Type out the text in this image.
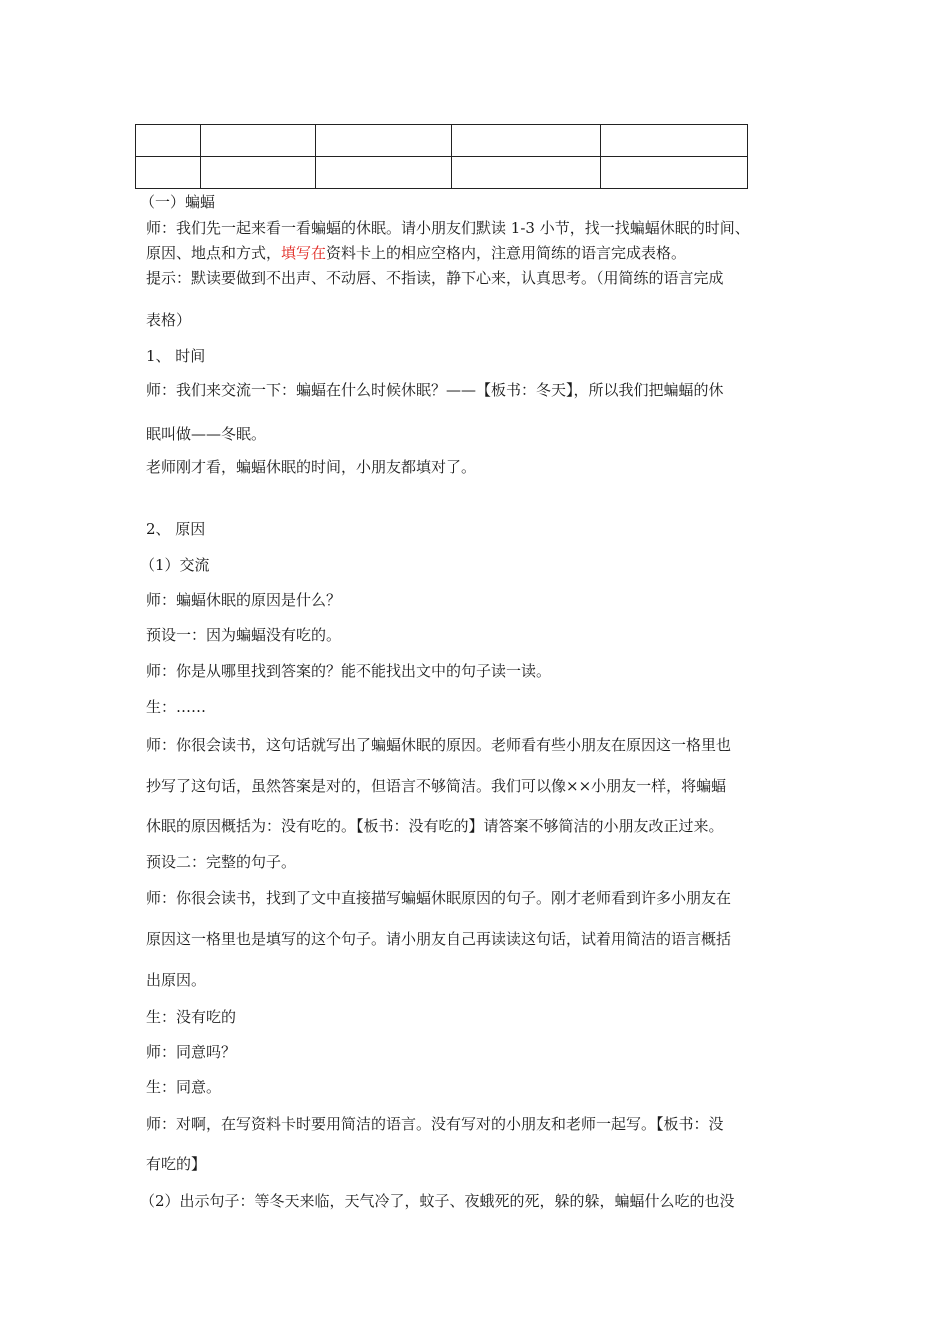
（一）蝙蝠
师：我们先一起来看一看蝙蝠的休眠。请小朋友们默读 1-3 小节，找一找蝙蝠休眠的时间、
原因、地点和方式，填写在资料卡上的相应空格内，注意用简练的语言完成表格。
提示：默读要做到不出声、不动唇、不指读，静下心来，认真思考。（用简练的语言完成
表格）
1、 时间
师：我们来交流一下：蝙蝠在什么时候休眠？——【板书：冬天】，所以我们把蝙蝠的休
眠叫做——冬眠。
老师刚才看，蝙蝠休眠的时间，小朋友都填对了。
2、 原因
（1）交流
师：蝙蝠休眠的原因是什么？
预设一：因为蝙蝠没有吃的。
师：你是从哪里找到答案的？能不能找出文中的句子读一读。
生：……
师：你很会读书，这句话就写出了蝙蝠休眠的原因。老师看有些小朋友在原因这一格里也
抄写了这句话，虽然答案是对的，但语言不够简洁。我们可以像××小朋友一样，将蝙蝠
休眠的原因概括为：没有吃的。【板书：没有吃的】请答案不够简洁的小朋友改正过来。
预设二：完整的句子。
师：你很会读书，找到了文中直接描写蝙蝠休眠原因的句子。刚才老师看到许多小朋友在
原因这一格里也是填写的这个句子。请小朋友自己再读读这句话，试着用简洁的语言概括
出原因。
生：没有吃的
师：同意吗？
生：同意。
师：对啊，在写资料卡时要用简洁的语言。没有写对的小朋友和老师一起写。【板书：没
有吃的】
（2）出示句子：等冬天来临，天气冷了，蚊子、夜蛾死的死，躲的躲，蝙蝠什么吃的也没
